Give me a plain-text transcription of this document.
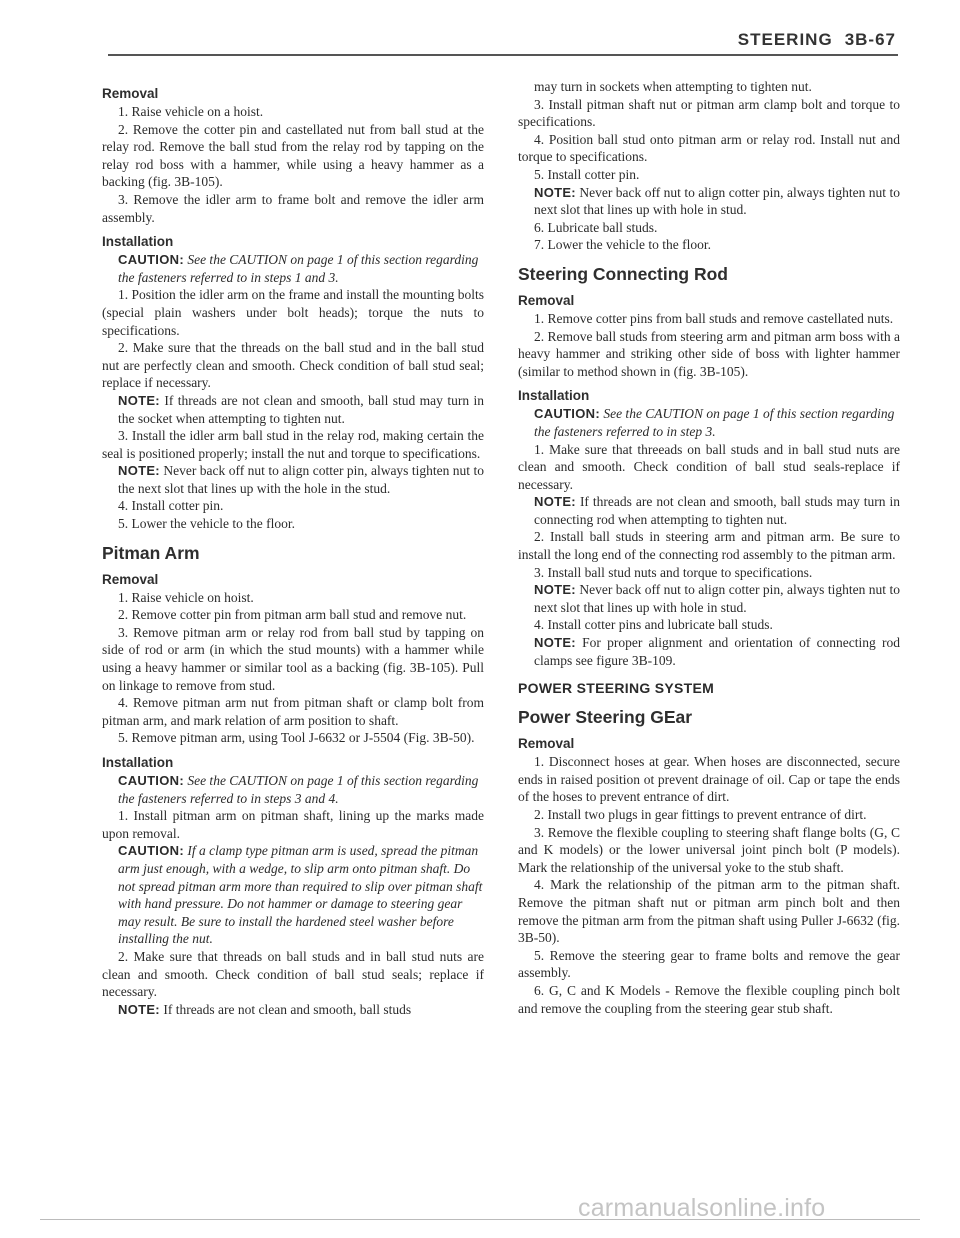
STEERING 3B-67
Removal

1. Raise vehicle on a hoist.

2. Remove the cotter pin and castellated nut from ball stud at the relay rod. Remove the ball stud from the relay rod by tapping on the relay rod boss with a hammer, while using a heavy hammer as a backing (fig. 3B-105).

3. Remove the idler arm to frame bolt and remove the idler arm assembly.

Installation

CAUTION: See the CAUTION on page 1 of this section regarding the fasteners referred to in steps 1 and 3.

1. Position the idler arm on the frame and install the mounting bolts (special plain washers under bolt heads); torque the nuts to specifications.

2. Make sure that the threads on the ball stud and in the ball stud nut are perfectly clean and smooth. Check condition of ball stud seal; replace if necessary.

NOTE: If threads are not clean and smooth, ball stud may turn in the socket when attempting to tighten nut.

3. Install the idler arm ball stud in the relay rod, making certain the seal is positioned properly; install the nut and torque to specifications.

NOTE: Never back off nut to align cotter pin, always tighten nut to the next slot that lines up with the hole in the stud.

4. Install cotter pin.

5. Lower the vehicle to the floor.

Pitman Arm
Removal

1. Raise vehicle on hoist.

2. Remove cotter pin from pitman arm ball stud and remove nut.

3. Remove pitman arm or relay rod from ball stud by tapping on side of rod or arm (in which the stud mounts) with a hammer while using a heavy hammer or similar tool as a backing (fig. 3B-105). Pull on linkage to remove from stud.

4. Remove pitman arm nut from pitman shaft or clamp bolt from pitman arm, and mark relation of arm position to shaft.

5. Remove pitman arm, using Tool J-6632 or J-5504 (Fig. 3B-50).

Installation

CAUTION: See the CAUTION on page 1 of this section regarding the fasteners referred to in steps 3 and 4.

1. Install pitman arm on pitman shaft, lining up the marks made upon removal.

CAUTION: If a clamp type pitman arm is used, spread the pitman arm just enough, with a wedge, to slip arm onto pitman shaft. Do not spread pitman arm more than required to slip over pitman shaft with hand pressure. Do not hammer or damage to steering gear may result. Be sure to install the hardened steel washer before installing the nut.

2. Make sure that threads on ball studs and in ball stud nuts are clean and smooth. Check condition of ball stud seals; replace if necessary.

NOTE: If threads are not clean and smooth, ball studs

may turn in sockets when attempting to tighten nut.

3. Install pitman shaft nut or pitman arm clamp bolt and torque to specifications.

4. Position ball stud onto pitman arm or relay rod. Install nut and torque to specifications.

5. Install cotter pin.

NOTE: Never back off nut to align cotter pin, always tighten nut to next slot that lines up with hole in stud.

6. Lubricate ball studs.

7. Lower the vehicle to the floor.

Steering Connecting Rod
Removal

1. Remove cotter pins from ball studs and remove castellated nuts.

2. Remove ball studs from steering arm and pitman arm boss with a heavy hammer and striking other side of boss with lighter hammer (similar to method shown in (fig. 3B-105).

Installation

CAUTION: See the CAUTION on page 1 of this section regarding the fasteners referred to in step 3.

1. Make sure that threeads on ball studs and in ball stud nuts are clean and smooth. Check condition of ball stud seals-replace if necessary.

NOTE: If threads are not clean and smooth, ball studs may turn in connecting rod when attempting to tighten nut.

2. Install ball studs in steering arm and pitman arm. Be sure to install the long end of the connecting rod assembly to the pitman arm.

3. Install ball stud nuts and torque to specifications.

NOTE: Never back off nut to align cotter pin, always tighten nut to next slot that lines up with hole in stud.

4. Install cotter pins and lubricate ball studs.

NOTE: For proper alignment and orientation of connecting rod clamps see figure 3B-109.

POWER STEERING SYSTEM
Power Steering GEar
Removal

1. Disconnect hoses at gear. When hoses are disconnected, secure ends in raised position ot prevent drainage of oil. Cap or tape the ends of the hoses to prevent entrance of dirt.

2. Install two plugs in gear fittings to prevent entrance of dirt.

3. Remove the flexible coupling to steering shaft flange bolts (G, C and K models) or the lower universal joint pinch bolt (P models). Mark the relationship of the universal yoke to the stub shaft.

4. Mark the relationship of the pitman arm to the pitman shaft. Remove the pitman shaft nut or pitman arm pinch bolt and then remove the pitman arm from the pitman shaft using Puller J-6632 (fig. 3B-50).

5. Remove the steering gear to frame bolts and remove the gear assembly.

6. G, C and K Models - Remove the flexible coupling pinch bolt and remove the coupling from the steering gear stub shaft.

carmanualsonline.info
